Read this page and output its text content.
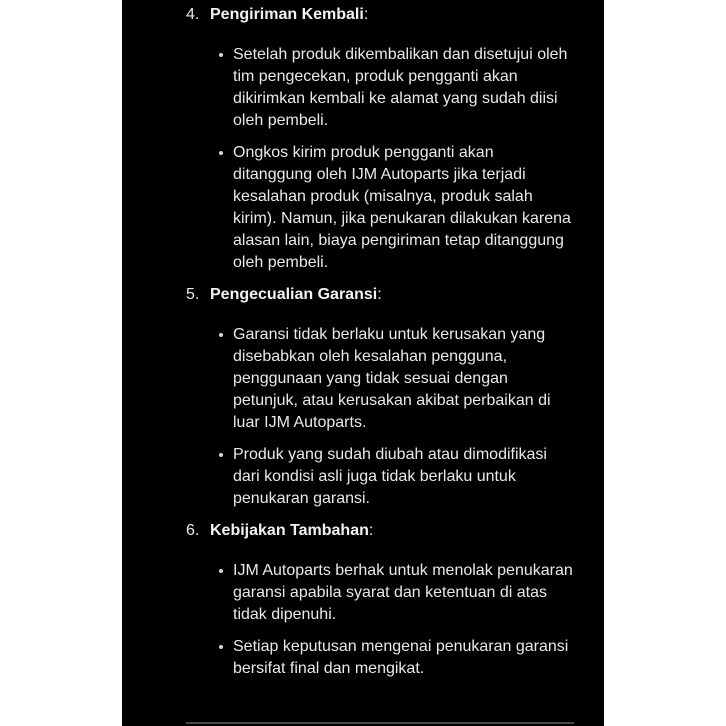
4. Pengiriman Kembali:
Setelah produk dikembalikan dan disetujui oleh tim pengecekan, produk pengganti akan dikirimkan kembali ke alamat yang sudah diisi oleh pembeli.
Ongkos kirim produk pengganti akan ditanggung oleh IJM Autoparts jika terjadi kesalahan produk (misalnya, produk salah kirim). Namun, jika penukaran dilakukan karena alasan lain, biaya pengiriman tetap ditanggung oleh pembeli.
5. Pengecualian Garansi:
Garansi tidak berlaku untuk kerusakan yang disebabkan oleh kesalahan pengguna, penggunaan yang tidak sesuai dengan petunjuk, atau kerusakan akibat perbaikan di luar IJM Autoparts.
Produk yang sudah diubah atau dimodifikasi dari kondisi asli juga tidak berlaku untuk penukaran garansi.
6. Kebijakan Tambahan:
IJM Autoparts berhak untuk menolak penukaran garansi apabila syarat dan ketentuan di atas tidak dipenuhi.
Setiap keputusan mengenai penukaran garansi bersifat final dan mengikat.
